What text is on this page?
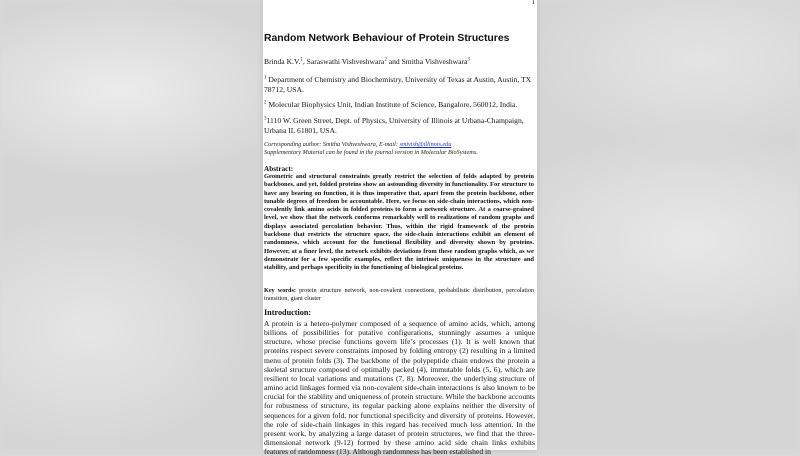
1
Random Network Behaviour of Protein Structures
Brinda K.V.$^1$, Saraswathi Vishveshwara$^2$ and Smitha Vishveshwara$^3$
$^1$ Department of Chemistry and Biochemistry, University of Texas at Austin, Austin, TX 78712, USA.
$^2$ Molecular Biophysics Unit, Indian Institute of Science, Bangalore, 560012, India.
$^3$1110 W. Green Street, Dept. of Physics, University of Illinois at Urbana-Champaign, Urbana IL 61801, USA.
Corresponding author: Smitha Vishveshwara, E-mail: smivish@illinois.edu
Supplementary Material can be found in the journal version in Molecular BioSystems.
Abstract:
Geometric and structural constraints greatly restrict the selection of folds adapted by protein backbones, and yet, folded proteins show an astounding diversity in functionality. For structure to have any bearing on function, it is thus imperative that, apart from the protein backbone, other tunable degrees of freedom be accountable. Here, we focus on side-chain interactions, which non-covalently link amino acids in folded proteins to form a network structure. At a coarse-grained level, we show that the network conforms remarkably well to realizations of random graphs and displays associated percolation behavior. Thus, within the rigid framework of the protein backbone that restricts the structure space, the side-chain interactions exhibit an element of randomness, which account for the functional flexibility and diversity shown by proteins. However, at a finer level, the network exhibits deviations from these random graphs which, as we demonstrate for a few specific examples, reflect the intrinsic uniqueness in the structure and stability, and perhaps specificity in the functioning of biological proteins.
Key words: protein structure network, non-covalent connections, probabilistic distribution, percolation transition, giant cluster
Introduction:
A protein is a hetero-polymer composed of a sequence of amino acids, which, among billions of possibilities for putative configurations, stunningly assumes a unique structure, whose precise functions govern life’s processes (1). It is well known that proteins respect severe constraints imposed by folding entropy (2) resulting in a limited menu of protein folds (3). The backbone of the polypeptide chain endows the protein a skeletal structure composed of optimally packed (4), immutable folds (5, 6), which are resilient to local variations and mutations (7, 8). Moreover, the underlying structure of amino acid linkages formed via non-covalent side-chain interactions is also known to be crucial for the stability and uniqueness of protein structure. While the backbone accounts for robustness of structure, its regular packing alone explains neither the diversity of sequences for a given fold, nor functional specificity and diversity of proteins. However, the role of side-chain linkages in this regard has received much less attention. In the present work, by analyzing a large dataset of protein structures, we find that the three-dimensional network (9-12) formed by these amino acid side chain links exhibits features of randomness (13). Although randomness has been established in
